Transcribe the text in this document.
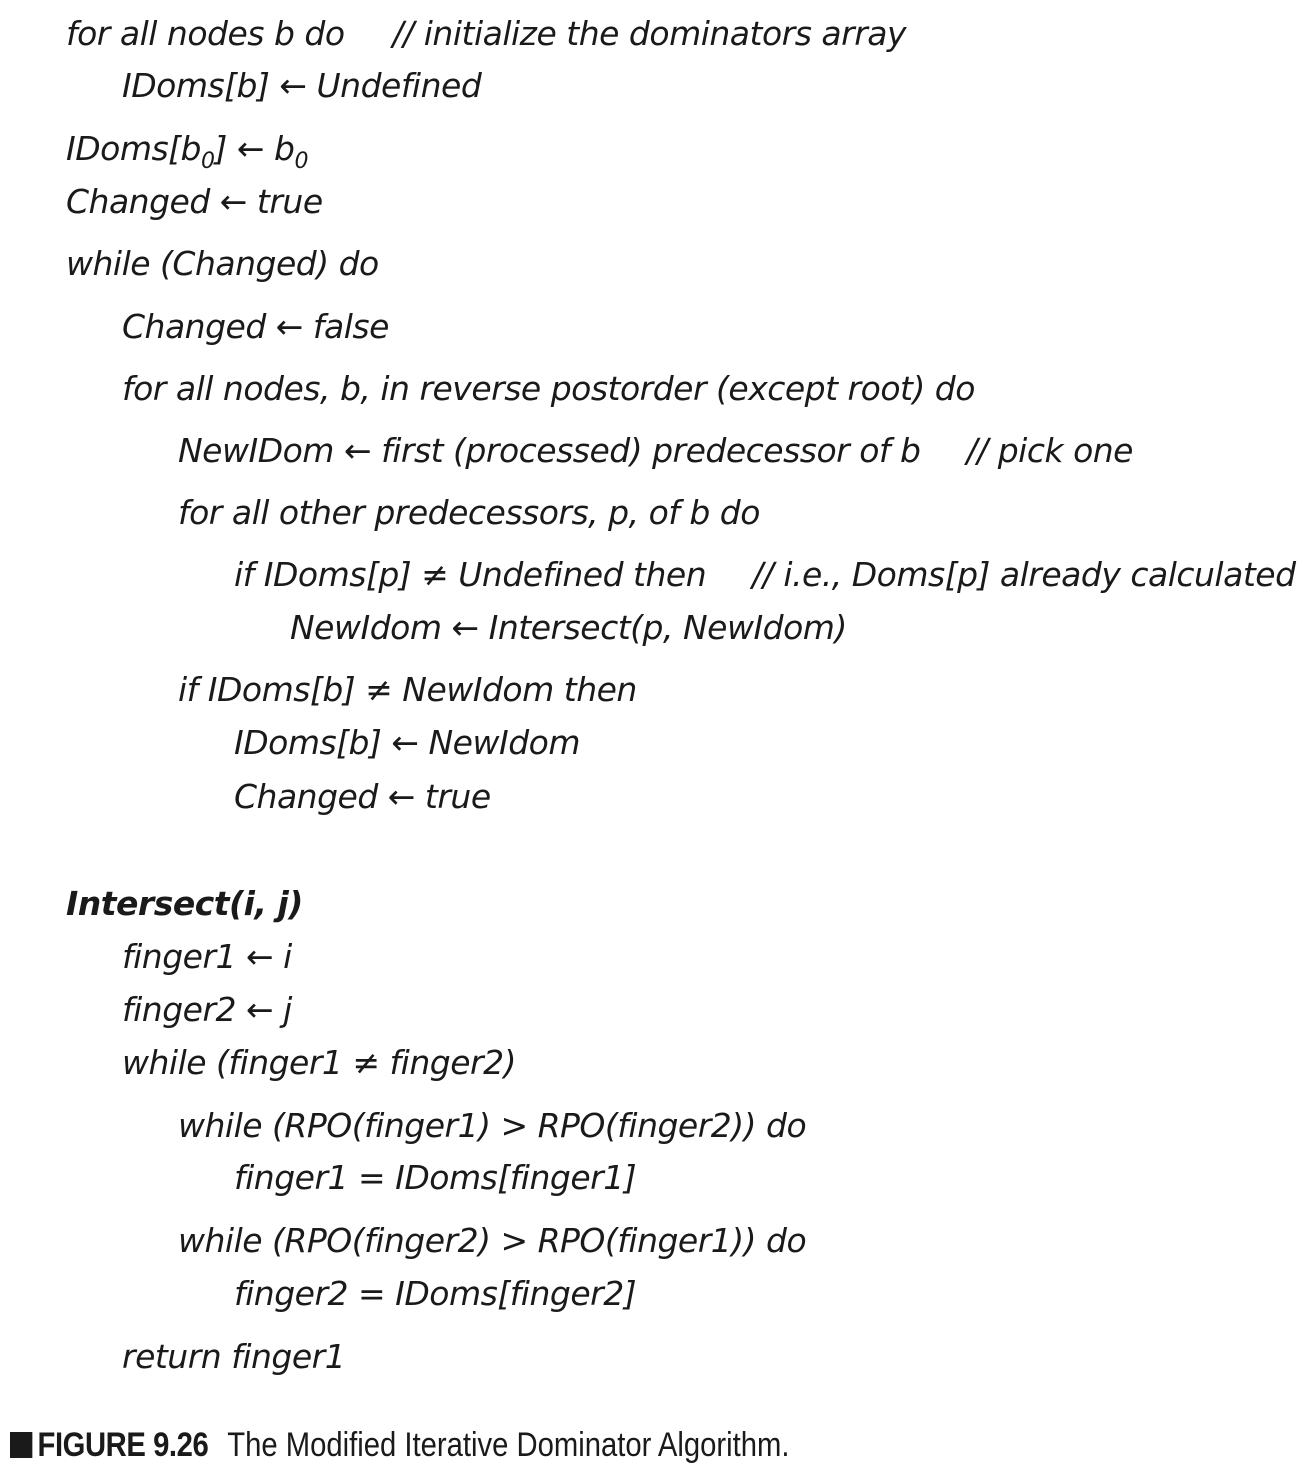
for all nodes b do // initialize the dominators array
IDoms[b] ← Undefined
$IDoms[b_0]$ ← $b_0$
Changed ← true
while (Changed) do
Changed ← false
for all nodes, b, in reverse postorder (except root) do
NewIDom ← first (processed) predecessor of b // pick one
for all other predecessors, p, of b do
if IDoms[p] ≠ Undefined then // i.e., Doms[p] already calculated
NewIdom ← Intersect(p, NewIdom)
if IDoms[b] ≠ NewIdom then
IDoms[b] ← NewIdom
Changed ← true
Intersect(i, j)
finger1 ← i
finger2 ← j
while (finger1 ≠ finger2)
while (RPO(finger1) > RPO(finger2)) do
finger1 = IDoms[finger1]
while (RPO(finger2) > RPO(finger1)) do
finger2 = IDoms[finger2]
return finger1
FIGURE 9.26 The Modified Iterative Dominator Algorithm.
